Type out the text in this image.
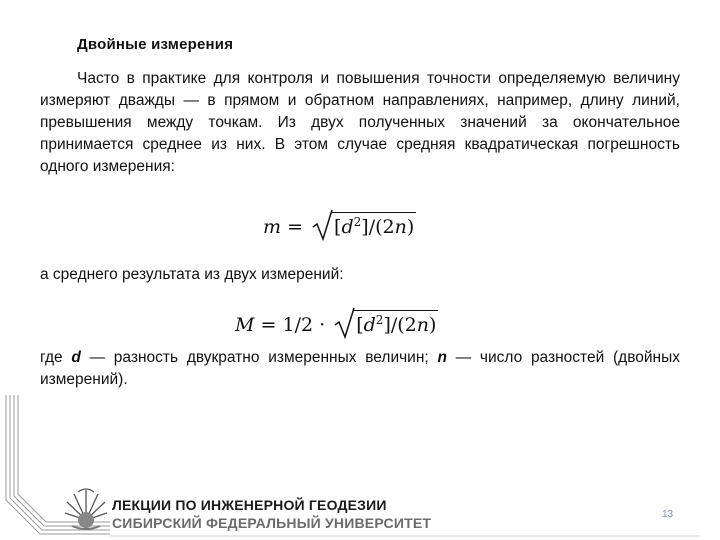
Двойные измерения

Часто в практике для контроля и повышения точности определяемую величину измеряют дважды — в прямом и обратном направлениях, например, длину линий, превышения между точкам. Из двух полученных значений за окончательное принимается среднее из них. В этом случае средняя квадратическая погрешность одного измерения:

$m = [d^2]/(2n)$

а среднего результата из двух измерений:

$M = 1/2 \cdot [d^2]/(2n)$

где d — разность двукратно измеренных величин; n — число разностей (двойных измерений).

ЛЕКЦИИ ПО ИНЖЕНЕРНОЙ ГЕОДЕЗИИ
СИБИРСКИЙ ФЕДЕРАЛЬНЫЙ УНИВЕРСИТЕТ
13
